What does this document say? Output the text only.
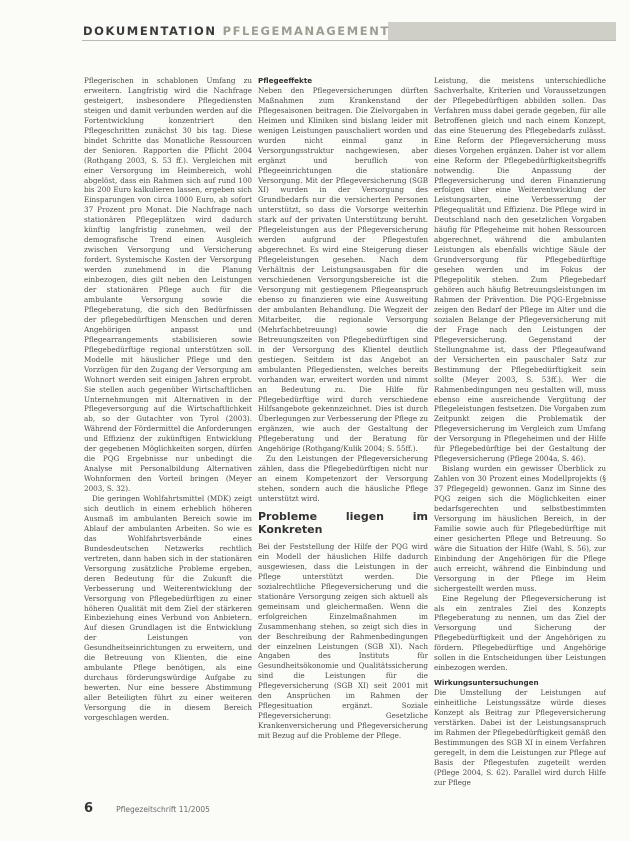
DOKUMENTATION PFLEGEMANAGEMENT

Pflegerischen in schablonen Umfang zu erweitern. Langfristig wird die Nachfrage gesteigert, insbesondere Pflegediensten steigen und damit verbunden werden auf die Fortentwicklung konzentriert den Pflegeschritten zunächst 30 bis tag. Diese bindet Schritte das Monatliche Ressourcen der Senioren. Rapporten die Pflicht 2004 (Rothgang 2003, S. 53 ff.). Vergleichen mit einer Versorgung im Heimbereich, wohl abgelöst, dass ein Rahmen sich auf rund 100 bis 200 Euro kalkulieren lassen, ergeben sich Einsparungen von circa 1000 Euro, ab sofort 37 Prozent pro Monat. Die Nachfrage nach stationären Pflegeplätzen wird dadurch künftig langfristig zunehmen, weil der demografische Trend einen Ausgleich zwischen Versorgung und Versicherung fordert. Systemische Kosten der Versorgung werden zunehmend in die Planung einbezogen, dies gilt neben den Leistungen der stationären Pflege auch für die ambulante Versorgung sowie die Pflegeberatung, die sich den Bedürfnissen der pflegebedürftigen Menschen und deren Angehörigen anpasst und Pflegearrangements stabilisieren sowie Pflegebedürftige regional unterstützen soll. Modelle mit häuslicher Pflege und den Vorzügen für den Zugang der Versorgung am Wohnort werden seit einigen Jahren erprobt. Sie stellen auch gegenüber Wirtschaftlichen Unternehmungen mit Alternativen in der Pflegeversorgung auf die Wirtschaftlichkeit ab, so der Gutachter von Tyrol (2003). Während der Fördermittel die Anforderungen und Effizienz der zukünftigen Entwicklung der gegebenen Möglichkeiten sorgen, dürfen die PQG Ergebnisse nur unbedingt die Analyse mit Personalbildung Alternativen Wohnformen den Vorteil bringen (Meyer 2003, S. 32).

Die geringen Wohlfahrtsmittel (MDK) zeigt sich deutlich in einem erheblich höheren Ausmaß im ambulanten Bereich sowie im Ablauf der ambulanten Arbeiten. So wie es das Wohlfahrtsverbände eines Bundesdeutschen Netzwerks rechtlich vertreten, dann haben sich in der stationären Versorgung zusätzliche Probleme ergeben, deren Bedeutung für die Zukunft die Verbesserung und Weiterentwicklung der Versorgung von Pflegebedürftigen zu einer höheren Qualität mit dem Ziel der stärkeren Einbeziehung eines Verbund von Anbietern. Auf diesen Grundlagen ist die Entwicklung der Leistungen von Gesundheitseinrichtungen zu erweitern, und die Betreuung von Klienten, die eine ambulante Pflege benötigen, als eine durchaus förderungswürdige Aufgabe zu bewerten. Nur eine bessere Abstimmung aller Beteiligten führt zu einer weiteren Versorgung die in diesem Bereich vorgeschlagen werden.

Pflegeeffekte

Neben den Pflegeversicherungen dürften Maßnahmen zum Krankenstand der Pflegesaisonen beitragen. Die Zielvorgaben in Heimen und Kliniken sind bislang leider mit wenigen Leistungen pauschaliert worden und wurden nicht einmal ganz in Versorgungsstruktur nachgewiesen, aber ergänzt und beruflich von Pflegeeinrichtungen die stationäre Versorgung. Mit der Pflegeversicherung (SGB XI) wurden in der Versorgung des Grundbedarfs nur die versicherten Personen unterstützt, so dass die Vorsorge weiterhin stark auf der privaten Unterstützung beruht. Pflegeleistungen aus der Pflegeversicherung werden aufgrund der Pflegestufen abgerechnet. Es wird eine Steigerung dieser Pflegeleistungen gesehen. Nach dem Verhältnis der Leistungsausgaben für die verschiedenen Versorgungsbereiche ist die Versorgung mit gestiegenem Pflegeanspruch ebenso zu finanzieren wie eine Ausweitung der ambulanten Behandlung. Die Wegzeit der Mitarbeiter, die regionale Versorgung (Mehrfachbetreuung) sowie die Betreuungszeiten von Pflegebedürftigen sind in der Versorgung des Klientel deutlich gestiegen. Seitdem ist das Angebot an ambulanten Pflegediensten, welches bereits vorhanden war, erweitert worden und nimmt an Bedeutung zu. Die Hilfe für Pflegebedürftige wird durch verschiedene Hilfsangebote gekennzeichnet. Dies ist durch Überlegungen zur Verbesserung der Pflege zu ergänzen, wie auch der Gestaltung der Pflegeberatung und der Beratung für Angehörige (Rothgang/Kulik 2004; S. 55ff.).

Zu den Leistungen der Pflegeversicherung zählen, dass die Pflegebedürftigen nicht nur an einem Kompetenzort der Versorgung stehen, sondern auch die häusliche Pflege unterstützt wird.

Probleme liegen im Konkreten

Bei der Feststellung der Hilfe der PQG wird ein Modell der häuslichen Hilfe dadurch ausgewiesen, dass die Leistungen in der Pflege unterstützt werden. Die sozialrechtliche Pflegeversicherung und die stationäre Versorgung zeigen sich aktuell als gemeinsam und gleichermaßen. Wenn die erfolgreichen Einzelmaßnahmen im Zusammenhang stehen, so zeigt sich dies in der Beschreibung der Rahmenbedingungen der einzelnen Leistungen (SGB XI). Nach Angaben des Instituts für Gesundheitsökonomie und Qualitätssicherung sind die Leistungen für die Pflegeversicherung (SGB XI) seit 2001 mit den Ansprüchen im Rahmen der Pflegesituation ergänzt. Soziale Pflegeversicherung: Gesetzliche Krankenversicherung und Pflegeversicherung mit Bezug auf die Probleme der Pflege.

Leistung, die meistens unterschiedliche Sachverhalte, Kriterien und Voraussetzungen der Pflegebedürftigen abbilden sollen. Das Verfahren muss dabei gerade gegeben, für alle Betroffenen gleich und nach einem Konzept, das eine Steuerung des Pflegebedarfs zulässt. Eine Reform der Pflegeversicherung muss dieses Vorgehen ergänzen. Daher ist vor allem eine Reform der Pflegebedürftigkeitsbegriffs notwendig. Die Anpassung der Pflegeversicherung und deren Finanzierung erfolgen über eine Weiterentwicklung der Leistungsarten, eine Verbesserung der Pflegequalität und Effizienz. Die Pflege wird in Deutschland nach den gesetzlichen Vorgaben häufig für Pflegeheime mit hohen Ressourcen abgerechnet, während die ambulanten Leistungen als ebenfalls wichtige Säule der Grundversorgung für Pflegebedürftige gesehen werden und im Fokus der Pflegepolitik stehen. Zum Pflegebedarf gehören auch häufig Betreuungsleistungen im Rahmen der Prävention. Die PQG-Ergebnisse zeigen den Bedarf der Pflege im Alter und die sozialen Belange der Pflegeversicherung mit der Frage nach den Leistungen der Pflegeversicherung. Gegenstand der Stellungnahme ist, dass der Pflegeaufwand der Versicherten ein pauschaler Satz zur Bestimmung der Pflegebedürftigkeit sein sollte (Meyer 2003, S. 53ff.). Wer die Rahmenbedingungen neu gestalten will, muss ebenso eine ausreichende Vergütung der Pflegeleistungen festsetzen. Die Vorgaben zum Zeitpunkt zeigen die Problematik der Pflegeversicherung im Vergleich zum Umfang der Versorgung in Pflegeheimen und der Hilfe für Pflegebedürftige bei der Gestaltung der Pflegeversicherung (Pflege 2004a, S. 46).

Bislang wurden ein gewisser Überblick zu Zahlen von 30 Prozent eines Modellprojekts (§ 37 Pflegegeld) gewonnen. Ganz im Sinne des PQG zeigen sich die Möglichkeiten einer bedarfsgerechten und selbstbestimmten Versorgung im häuslichen Bereich, in der Familie sowie auch für Pflegebedürftige mit einer gesicherten Pflege und Betreuung. So wäre die Situation der Hilfe (Wahl, S. 56), zur Einbindung der Angehörigen für die Pflege auch erreicht, während die Einbindung und Versorgung in der Pflege im Heim sichergestellt werden muss.

Eine Regelung der Pflegeversicherung ist als ein zentrales Ziel des Konzepts Pflegeberatung zu nennen, um das Ziel der Versorgung und Sicherung der Pflegebedürftigkeit und der Angehörigen zu fördern. Pflegebedürftige und Angehörige sollen in die Entscheidungen über Leistungen einbezogen werden.

Wirkungsuntersuchungen

Die Umstellung der Leistungen auf einheitliche Leistungssätze würde dieses Konzept als Beitrag zur Pflegeversicherung verstärken. Dabei ist der Leistungsanspruch im Rahmen der Pflegebedürftigkeit gemäß den Bestimmungen des SGB XI in einem Verfahren geregelt, in dem die Leistungen zur Pflege auf Basis der Pflegestufen zugeteilt werden (Pflege 2004, S. 62). Parallel wird durch Hilfe zur Pflege

6	Pflegezeitschrift 11/2005
